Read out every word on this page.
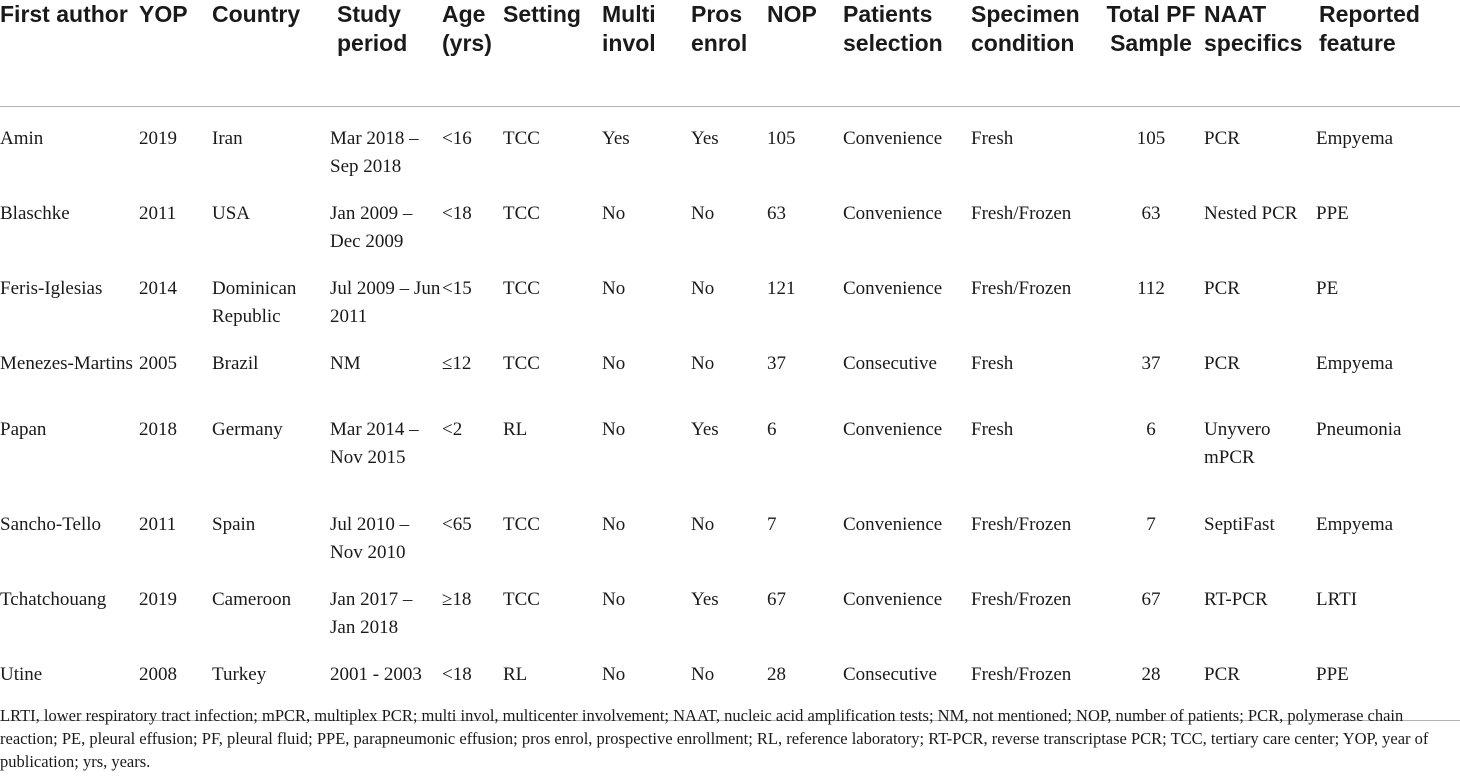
First author	YOP	Country	Study period	Age (yrs)	Setting	Multi invol	Pros enrol	NOP	Patients selection	Specimen condition	Total PF Sample	NAAT specifics	Reported feature
Amin	2019	Iran	Mar 2018 – Sep 2018	<16	TCC	Yes	Yes	105	Convenience	Fresh	105	PCR	Empyema
Blaschke	2011	USA	Jan 2009 – Dec 2009	<18	TCC	No	No	63	Convenience	Fresh/Frozen	63	Nested PCR	PPE
Feris-Iglesias	2014	Dominican Republic	Jul 2009 – Jun 2011	<15	TCC	No	No	121	Convenience	Fresh/Frozen	112	PCR	PE
Menezes-Martins	2005	Brazil	NM	≤12	TCC	No	No	37	Consecutive	Fresh	37	PCR	Empyema
Papan	2018	Germany	Mar 2014 – Nov 2015	<2	RL	No	Yes	6	Convenience	Fresh	6	Unyvero mPCR	Pneumonia
Sancho-Tello	2011	Spain	Jul 2010 – Nov 2010	<65	TCC	No	No	7	Convenience	Fresh/Frozen	7	SeptiFast	Empyema
Tchatchouang	2019	Cameroon	Jan 2017 – Jan 2018	≥18	TCC	No	Yes	67	Convenience	Fresh/Frozen	67	RT-PCR	LRTI
Utine	2008	Turkey	2001 - 2003	<18	RL	No	No	28	Consecutive	Fresh/Frozen	28	PCR	PPE
LRTI, lower respiratory tract infection; mPCR, multiplex PCR; multi invol, multicenter involvement; NAAT, nucleic acid amplification tests; NM, not mentioned; NOP, number of patients; PCR, polymerase chain reaction; PE, pleural effusion; PF, pleural fluid; PPE, parapneumonic effusion; pros enrol, prospective enrollment; RL, reference laboratory; RT-PCR, reverse transcriptase PCR; TCC, tertiary care center; YOP, year of publication; yrs, years.
